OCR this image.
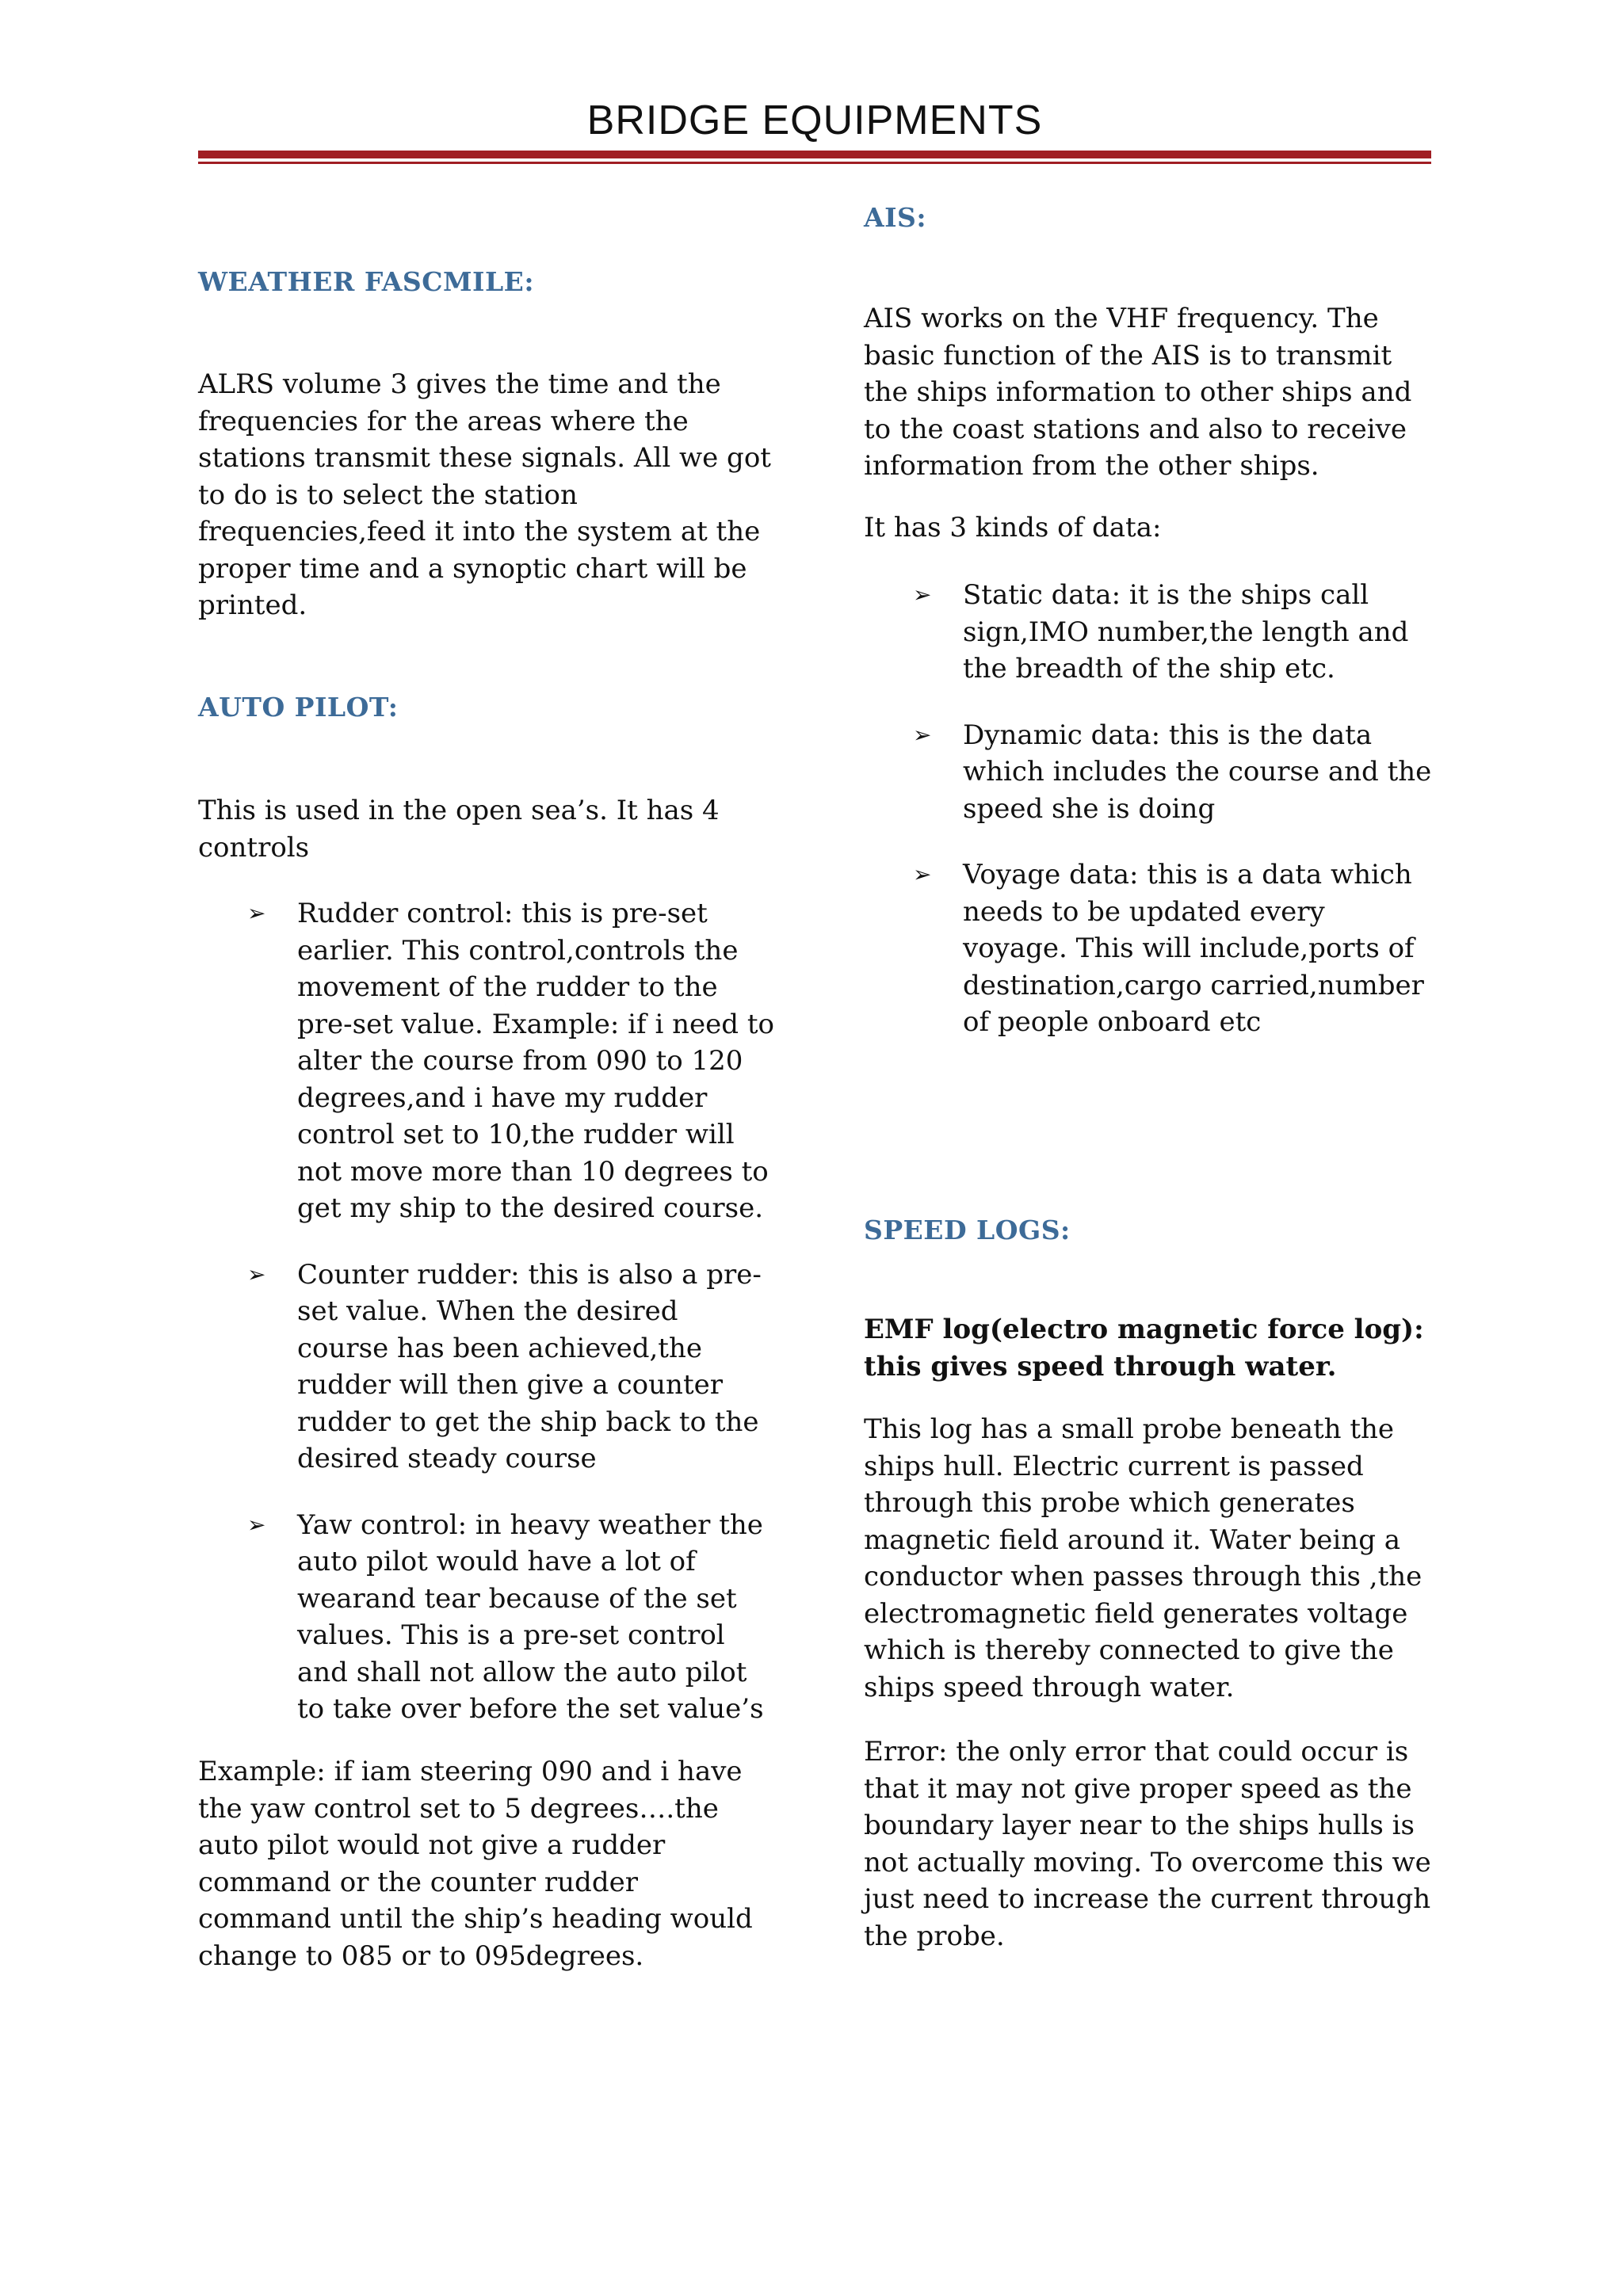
BRIDGE EQUIPMENTS
WEATHER FASCMILE:

ALRS volume 3 gives the time and the frequencies for the areas where the stations transmit these signals. All we got to do is to select the station frequencies,feed it into the system at the proper time and a synoptic chart will be printed.

AUTO PILOT:

This is used in the open sea’s. It has 4 controls

➢ Rudder control: this is pre-set earlier. This control,controls the movement of the rudder to the pre-set value. Example: if i need to alter the course from 090 to 120 degrees,and i have my rudder control set to 10,the rudder will not move more than 10 degrees to get my ship to the desired course.
➢ Counter rudder: this is also a pre-set value. When the desired course has been achieved,the rudder will then give a counter rudder to get the ship back to the desired steady course
➢ Yaw control: in heavy weather the auto pilot would have a lot of wearand tear because of the set values. This is a pre-set control and shall not allow the auto pilot to take over before the set value’s

Example: if iam steering 090 and i have the yaw control set to 5 degrees….the auto pilot would not give a rudder command or the counter rudder command until the ship’s heading would change to 085 or to 095degrees.

AIS:

AIS works on the VHF frequency. The basic function of the AIS is to transmit the ships information to other ships and to the coast stations and also to receive information from the other ships.

It has 3 kinds of data:

➢ Static data: it is the ships call sign,IMO number,the length and the breadth of the ship etc.
➢ Dynamic data: this is the data which includes the course and the speed she is doing
➢ Voyage data: this is a data which needs to be updated every voyage. This will include,ports of destination,cargo carried,number of people onboard etc
SPEED LOGS:

EMF log(electro magnetic force log): this gives speed through water.

This log has a small probe beneath the ships hull. Electric current is passed through this probe which generates magnetic field around it. Water being a conductor when passes through this ,the electromagnetic field generates voltage which is thereby connected to give the ships speed through water.

Error: the only error that could occur is that it may not give proper speed as the boundary layer near to the ships hulls is not actually moving. To overcome this we just need to increase the current through the probe.
